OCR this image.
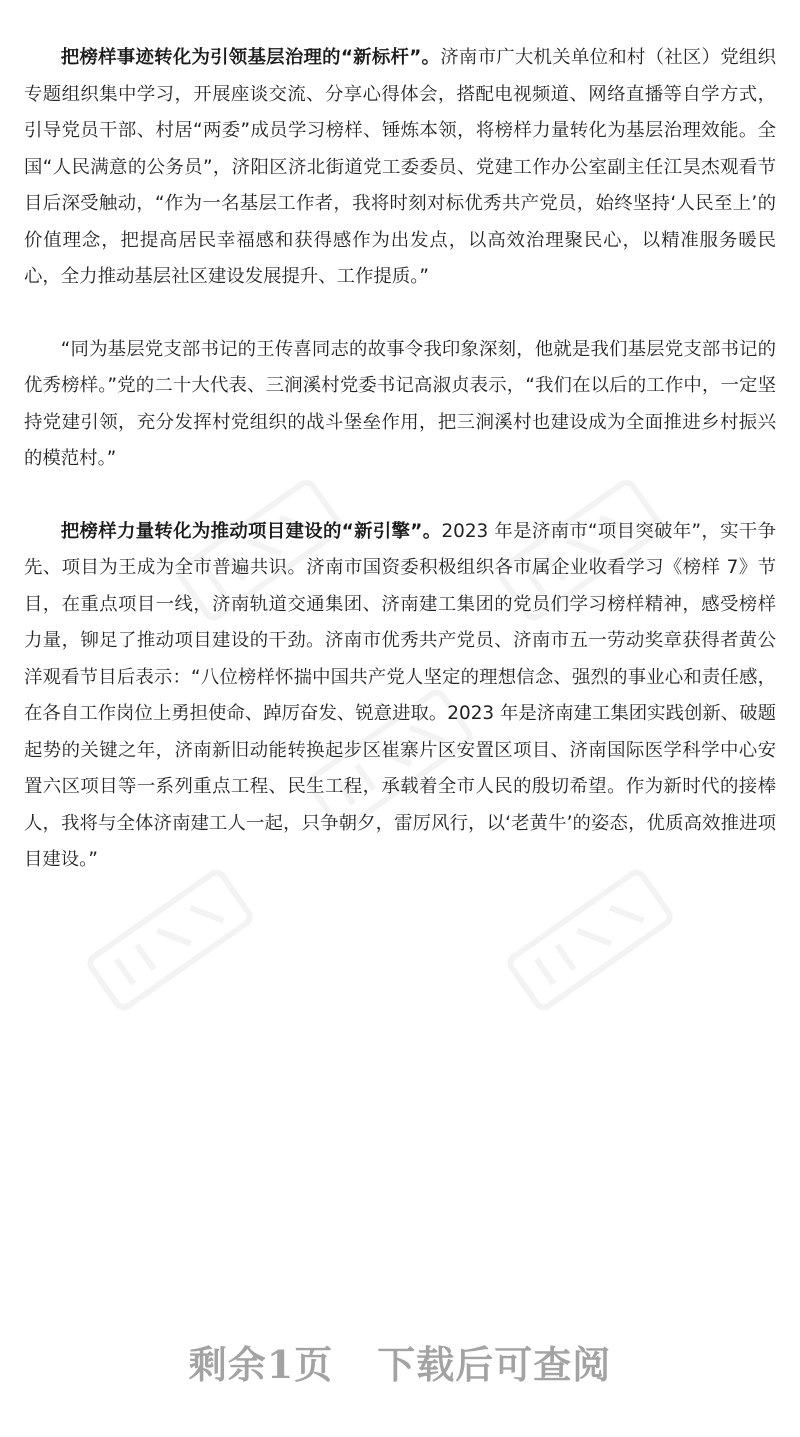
把榜样事迹转化为引领基层治理的“新标杆”。济南市广大机关单位和村（社区）党组织专题组织集中学习，开展座谈交流、分享心得体会，搭配电视频道、网络直播等自学方式，引导党员干部、村居“两委”成员学习榜样、锤炼本领，将榜样力量转化为基层治理效能。全国“人民满意的公务员”，济阳区济北街道党工委委员、党建工作办公室副主任江昊杰观看节目后深受触动，“作为一名基层工作者，我将时刻对标优秀共产党员，始终坚持‘人民至上’的价值理念，把提高居民幸福感和获得感作为出发点，以高效治理聚民心，以精准服务暖民心，全力推动基层社区建设发展提升、工作提质。”

“同为基层党支部书记的王传喜同志的故事令我印象深刻，他就是我们基层党支部书记的优秀榜样。”党的二十大代表、三涧溪村党委书记高淑贞表示，“我们在以后的工作中，一定坚持党建引领，充分发挥村党组织的战斗堡垒作用，把三涧溪村也建设成为全面推进乡村振兴的模范村。”

把榜样力量转化为推动项目建设的“新引擎”。2023 年是济南市“项目突破年”，实干争先、项目为王成为全市普遍共识。济南市国资委积极组织各市属企业收看学习《榜样 7》节目，在重点项目一线，济南轨道交通集团、济南建工集团的党员们学习榜样精神，感受榜样力量，铆足了推动项目建设的干劲。济南市优秀共产党员、济南市五一劳动奖章获得者黄公洋观看节目后表示：“八位榜样怀揣中国共产党人坚定的理想信念、强烈的事业心和责任感，在各自工作岗位上勇担使命、踔厉奋发、锐意进取。2023 年是济南建工集团实践创新、破题起势的关键之年，济南新旧动能转换起步区崔寨片区安置区项目、济南国际医学科学中心安置六区项目等一系列重点工程、民生工程，承载着全市人民的殷切希望。作为新时代的接棒人，我将与全体济南建工人一起，只争朝夕，雷厉风行，以‘老黄牛’的姿态，优质高效推进项目建设。”

剩余1页 下载后可查阅
